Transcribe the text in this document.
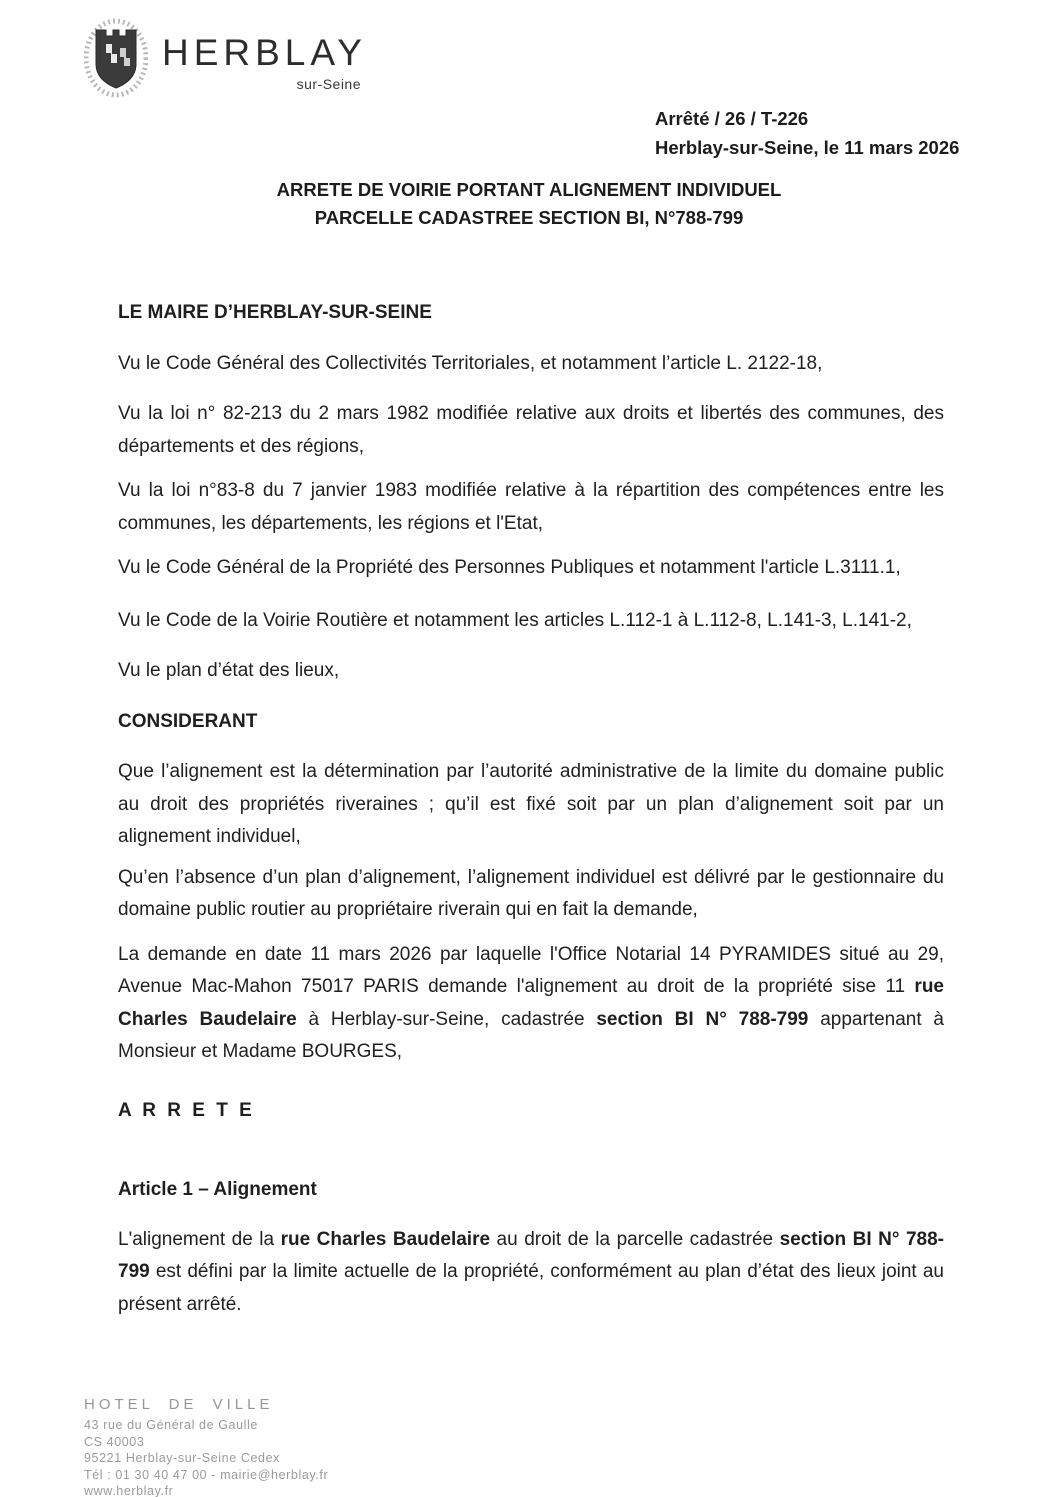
HERBLAY
sur-Seine
Arrêté / 26 / T-226
Herblay-sur-Seine, le 11 mars 2026
ARRETE DE VOIRIE PORTANT ALIGNEMENT INDIVIDUEL
PARCELLE CADASTREE SECTION BI, N°788-799

LE MAIRE D’HERBLAY-SUR-SEINE

Vu le Code Général des Collectivités Territoriales, et notamment l’article L. 2122-18,

Vu la loi n° 82-213 du 2 mars 1982 modifiée relative aux droits et libertés des communes, des départements et des régions,

Vu la loi n°83-8 du 7 janvier 1983 modifiée relative à la répartition des compétences entre les communes, les départements, les régions et l'Etat,

Vu le Code Général de la Propriété des Personnes Publiques et notamment l'article L.3111.1,

Vu le Code de la Voirie Routière et notamment les articles L.112-1 à L.112-8, L.141-3, L.141-2,

Vu le plan d’état des lieux,

CONSIDERANT

Que l’alignement est la détermination par l’autorité administrative de la limite du domaine public au droit des propriétés riveraines ; qu’il est fixé soit par un plan d’alignement soit par un alignement individuel,

Qu’en l’absence d’un plan d’alignement, l’alignement individuel est délivré par le gestionnaire du domaine public routier au propriétaire riverain qui en fait la demande,

La demande en date 11 mars 2026 par laquelle l'Office Notarial 14 PYRAMIDES situé au 29, Avenue Mac-Mahon 75017 PARIS demande l'alignement au droit de la propriété sise 11 rue Charles Baudelaire à Herblay-sur-Seine, cadastrée section BI N° 788-799 appartenant à Monsieur et Madame BOURGES,

A R R E T E

Article 1 – Alignement

L'alignement de la rue Charles Baudelaire au droit de la parcelle cadastrée section BI N° 788-799 est défini par la limite actuelle de la propriété, conformément au plan d’état des lieux joint au présent arrêté.

HOTEL DE VILLE
43 rue du Général de Gaulle
CS 40003
95221 Herblay-sur-Seine Cedex
Tél : 01 30 40 47 00 - mairie@herblay.fr
www.herblay.fr
